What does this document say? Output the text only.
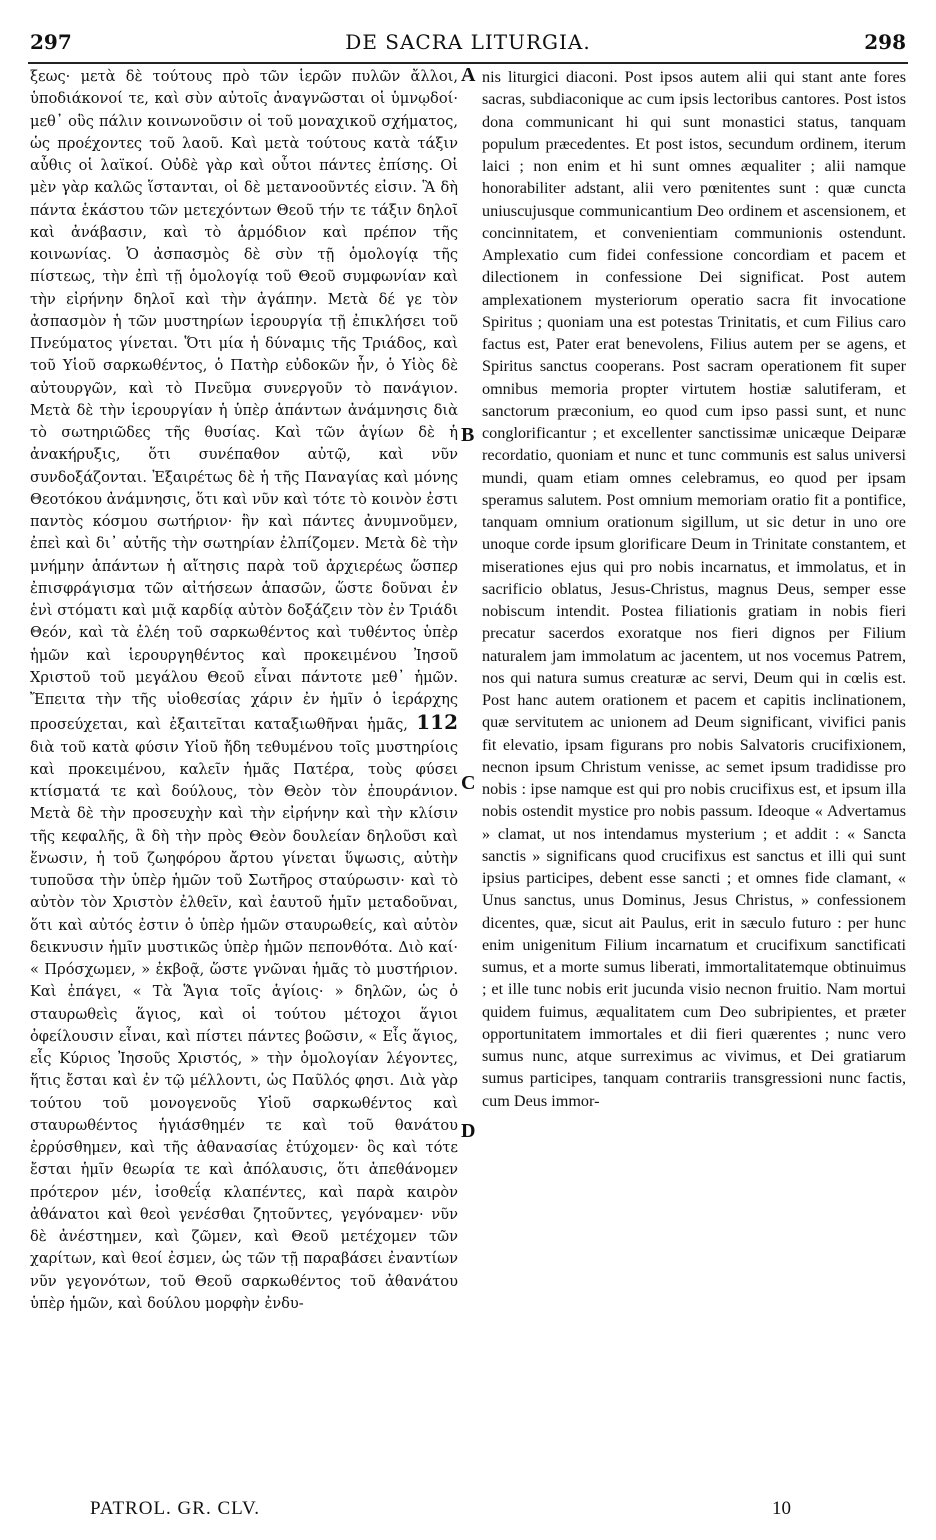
297	DE SACRA LITURGIA.	298

ξεως· μετὰ δὲ τούτους πρὸ τῶν ἱερῶν πυλῶν ἄλλοι, ὑποδιάκονοί τε, καὶ σὺν αὐτοῖς ἀναγνῶσται οἱ ὑμνῳδοί· μεθ᾽ οὓς πάλιν κοινωνοῦσιν οἱ τοῦ μοναχικοῦ σχήματος, ὡς προέχοντες τοῦ λαοῦ. Καὶ μετὰ τούτους κατὰ τάξιν αὖθις οἱ λαϊκοί. Οὐδὲ γὰρ καὶ οὗτοι πάντες ἐπίσης. Οἱ μὲν γὰρ καλῶς ἵστανται, οἱ δὲ μετανοοῦντές εἰσιν. Ἃ δὴ πάντα ἑκάστου τῶν μετεχόντων Θεοῦ τήν τε τάξιν δηλοῖ καὶ ἀνάβασιν, καὶ τὸ ἁρμόδιον καὶ πρέπον τῆς κοινωνίας. Ὁ ἀσπασμὸς δὲ σὺν τῇ ὁμολογίᾳ τῆς πίστεως, τὴν ἐπὶ τῇ ὁμολογίᾳ τοῦ Θεοῦ συμφωνίαν καὶ τὴν εἰρήνην δηλοῖ καὶ τὴν ἀγάπην. Μετὰ δέ γε τὸν ἀσπασμὸν ἡ τῶν μυστηρίων ἱερουργία τῇ ἐπικλήσει τοῦ Πνεύματος γίνεται. Ὅτι μία ἡ δύναμις τῆς Τριάδος, καὶ τοῦ Υἱοῦ σαρκωθέντος, ὁ Πατὴρ εὐδοκῶν ἦν, ὁ Υἱὸς δὲ αὐτουργῶν, καὶ τὸ Πνεῦμα συνεργοῦν τὸ πανάγιον. Μετὰ δὲ τὴν ἱερουργίαν ἡ ὑπὲρ ἁπάντων ἀνάμνησις διὰ τὸ σωτηριῶδες τῆς θυσίας. Καὶ τῶν ἁγίων δὲ ἡ ἀνακήρυξις, ὅτι συνέπαθον αὐτῷ, καὶ νῦν συνδοξάζονται. Ἐξαιρέτως δὲ ἡ τῆς Παναγίας καὶ μόνης Θεοτόκου ἀνάμνησις, ὅτι καὶ νῦν καὶ τότε τὸ κοινὸν ἐστι παντὸς κόσμου σωτήριον· ἣν καὶ πάντες ἀνυμνοῦμεν, ἐπεὶ καὶ δι᾽ αὐτῆς τὴν σωτηρίαν ἐλπίζομεν. Μετὰ δὲ τὴν μνήμην ἁπάντων ἡ αἴτησις παρὰ τοῦ ἀρχιερέως ὥσπερ ἐπισφράγισμα τῶν αἰτήσεων ἁπασῶν, ὥστε δοῦναι ἐν ἑνὶ στόματι καὶ μιᾷ καρδίᾳ αὐτὸν δοξάζειν τὸν ἐν Τριάδι Θεόν, καὶ τὰ ἐλέη τοῦ σαρκωθέντος καὶ τυθέντος ὑπὲρ ἡμῶν καὶ ἱερουργηθέντος καὶ προκειμένου Ἰησοῦ Χριστοῦ τοῦ μεγάλου Θεοῦ εἶναι πάντοτε μεθ᾽ ἡμῶν. Ἔπειτα τὴν τῆς υἱοθεσίας χάριν ἐν ἡμῖν ὁ ἱεράρχης προσεύχεται, καὶ ἐξαιτεῖται καταξιωθῆναι ἡμᾶς, 112 διὰ τοῦ κατὰ φύσιν Υἱοῦ ἤδη τεθυμένου τοῖς μυστηρίοις καὶ προκειμένου, καλεῖν ἡμᾶς Πατέρα, τοὺς φύσει κτίσματά τε καὶ δούλους, τὸν Θεὸν τὸν ἐπουράνιον. Μετὰ δὲ τὴν προσευχὴν καὶ τὴν εἰρήνην καὶ τὴν κλίσιν τῆς κεφαλῆς, ἃ δὴ τὴν πρὸς Θεὸν δουλείαν δηλοῦσι καὶ ἕνωσιν, ἡ τοῦ ζωηφόρου ἄρτου γίνεται ὕψωσις, αὐτὴν τυποῦσα τὴν ὑπὲρ ἡμῶν τοῦ Σωτῆρος σταύρωσιν· καὶ τὸ αὐτὸν τὸν Χριστὸν ἐλθεῖν, καὶ ἑαυτοῦ ἡμῖν μεταδοῦναι, ὅτι καὶ αὐτός ἐστιν ὁ ὑπὲρ ἡμῶν σταυρωθείς, καὶ αὐτὸν δεικνυσιν ἡμῖν μυστικῶς ὑπὲρ ἡμῶν πεπονθότα. Διὸ καί· « Πρόσχωμεν, » ἐκβοᾷ, ὥστε γνῶναι ἡμᾶς τὸ μυστήριον. Καὶ ἐπάγει, « Τὰ Ἅγια τοῖς ἁγίοις· » δηλῶν, ὡς ὁ σταυρωθεὶς ἅγιος, καὶ οἱ τούτου μέτοχοι ἅγιοι ὀφείλουσιν εἶναι, καὶ πίστει πάντες βοῶσιν, « Εἷς ἅγιος, εἷς Κύριος Ἰησοῦς Χριστός, » τὴν ὁμολογίαν λέγοντες, ἥτις ἔσται καὶ ἐν τῷ μέλλοντι, ὡς Παῦλός φησι. Διὰ γὰρ τούτου τοῦ μονογενοῦς Υἱοῦ σαρκωθέντος καὶ σταυρωθέντος ἡγιάσθημέν τε καὶ τοῦ θανάτου ἐρρύσθημεν, καὶ τῆς ἀθανασίας ἐτύχομεν· ὃς καὶ τότε ἔσται ἡμῖν θεωρία τε καὶ ἀπόλαυσις, ὅτι ἀπεθάνομεν πρότερον μέν, ἰσοθεΐᾳ κλαπέντες, καὶ παρὰ καιρὸν ἀθάνατοι καὶ θεοὶ γενέσθαι ζητοῦντες, γεγόναμεν· νῦν δὲ ἀνέστημεν, καὶ ζῶμεν, καὶ Θεοῦ μετέχομεν τῶν χαρίτων, καὶ θεοί ἐσμεν, ὡς τῶν τῇ παραβάσει ἐναντίων νῦν γεγονότων, τοῦ Θεοῦ σαρκωθέντος τοῦ ἀθανάτου ὑπὲρ ἡμῶν, καὶ δούλου μορφὴν ἐνδυ-

A
B
C
D

nis liturgici diaconi. Post ipsos autem alii qui stant ante fores sacras, subdiaconique ac cum ipsis lectoribus cantores. Post istos dona communicant hi qui sunt monastici status, tanquam populum præcedentes. Et post istos, secundum ordinem, iterum laici ; non enim et hi sunt omnes æqualiter ; alii namque honorabiliter adstant, alii vero pœnitentes sunt : quæ cuncta uniuscujusque communicantium Deo ordinem et ascensionem, et concinnitatem, et convenientiam communionis ostendunt. Amplexatio cum fidei confessione concordiam et pacem et dilectionem in confessione Dei significat. Post autem amplexationem mysteriorum operatio sacra fit invocatione Spiritus ; quoniam una est potestas Trinitatis, et cum Filius caro factus est, Pater erat benevolens, Filius autem per se agens, et Spiritus sanctus cooperans. Post sacram operationem fit super omnibus memoria propter virtutem hostiæ salutiferam, et sanctorum præconium, eo quod cum ipso passi sunt, et nunc conglorificantur ; et excellenter sanctissimæ unicæque Deiparæ recordatio, quoniam et nunc et tunc communis est salus universi mundi, quam etiam omnes celebramus, eo quod per ipsam speramus salutem. Post omnium memoriam oratio fit a pontifice, tanquam omnium orationum sigillum, ut sic detur in uno ore unoque corde ipsum glorificare Deum in Trinitate constantem, et miserationes ejus qui pro nobis incarnatus, et immolatus, et in sacrificio oblatus, Jesus-Christus, magnus Deus, semper esse nobiscum intendit. Postea filiationis gratiam in nobis fieri precatur sacerdos exoratque nos fieri dignos per Filium naturalem jam immolatum ac jacentem, ut nos vocemus Patrem, nos qui natura sumus creaturæ ac servi, Deum qui in cœlis est. Post hanc autem orationem et pacem et capitis inclinationem, quæ servitutem ac unionem ad Deum significant, vivifici panis fit elevatio, ipsam figurans pro nobis Salvatoris crucifixionem, necnon ipsum Christum venisse, ac semet ipsum tradidisse pro nobis : ipse namque est qui pro nobis crucifixus est, et ipsum illa nobis ostendit mystice pro nobis passum. Ideoque « Advertamus » clamat, ut nos intendamus mysterium ; et addit : « Sancta sanctis » significans quod crucifixus est sanctus et illi qui sunt ipsius participes, debent esse sancti ; et omnes fide clamant, « Unus sanctus, unus Dominus, Jesus Christus, » confessionem dicentes, quæ, sicut ait Paulus, erit in sæculo futuro : per hunc enim unigenitum Filium incarnatum et crucifixum sanctificati sumus, et a morte sumus liberati, immortalitatemque obtinuimus ; et ille tunc nobis erit jucunda visio necnon fruitio. Nam mortui quidem fuimus, æqualitatem cum Deo subripientes, et præter opportunitatem immortales et dii fieri quærentes ; nunc vero sumus nunc, atque surreximus ac vivimus, et Dei gratiarum sumus participes, tanquam contrariis transgressioni nunc factis, cum Deus immor-

PATROL. GR. CLV.	10
